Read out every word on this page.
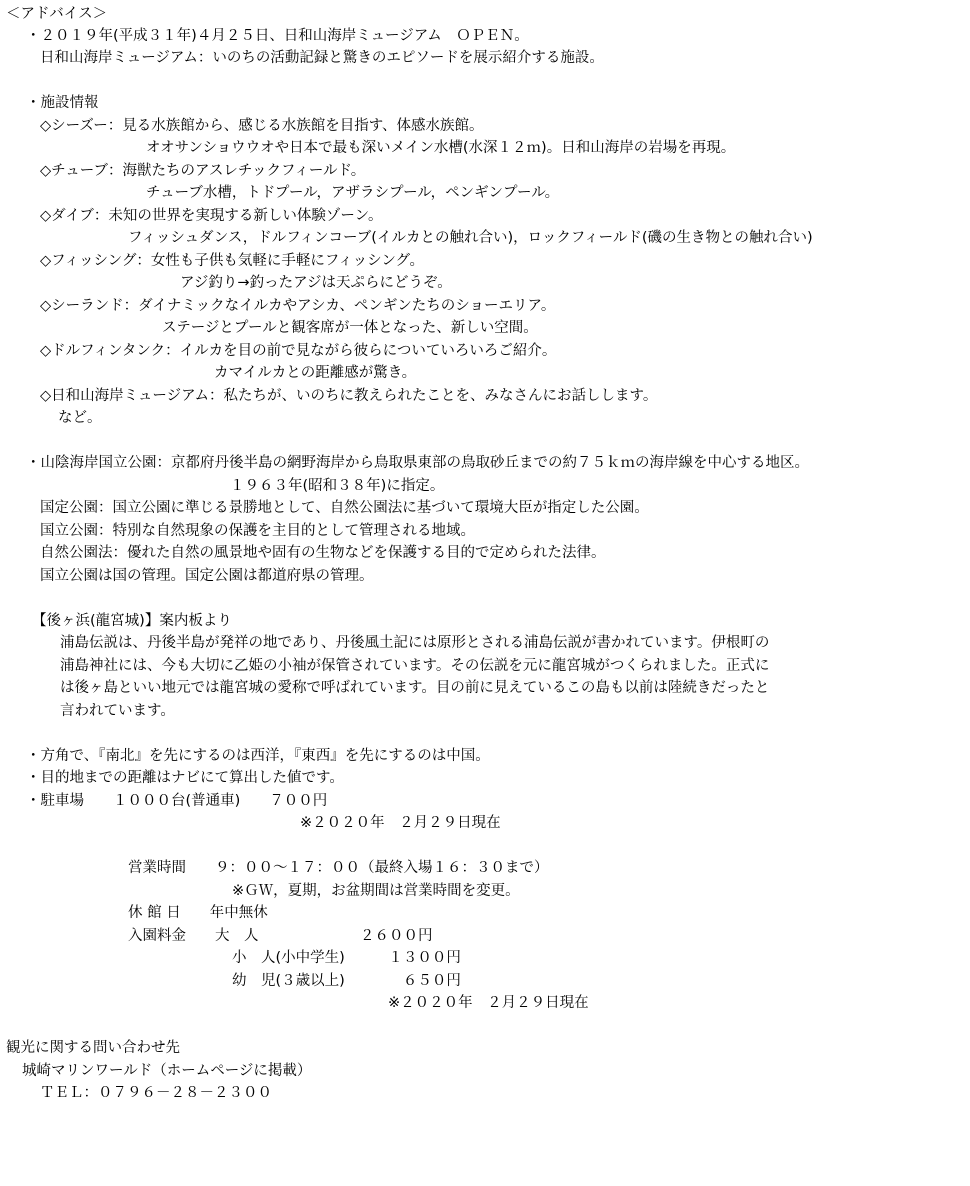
＜アドバイス＞
・２０１９年(平成３１年)４月２５日、日和山海岸ミュージアム　ＯＰＥＮ。
日和山海岸ミュージアム：いのちの活動記録と驚きのエピソードを展示紹介する施設。
・施設情報
◇シーズー：見る水族館から、感じる水族館を目指す、体感水族館。
オオサンショウウオや日本で最も深いメイン水槽(水深１２ｍ)。日和山海岸の岩場を再現。
◇チューブ：海獣たちのアスレチックフィールド。
チューブ水槽，トドプール，アザラシプール，ペンギンプール。
◇ダイブ：未知の世界を実現する新しい体験ゾーン。
フィッシュダンス，ドルフィンコーブ(イルカとの触れ合い)，ロックフィールド(磯の生き物との触れ合い)
◇フィッシング：女性も子供も気軽に手軽にフィッシング。
アジ釣り→釣ったアジは天ぷらにどうぞ。
◇シーランド：ダイナミックなイルカやアシカ、ペンギンたちのショーエリア。
ステージとプールと観客席が一体となった、新しい空間。
◇ドルフィンタンク：イルカを目の前で見ながら彼らについていろいろご紹介。
カマイルカとの距離感が驚き。
◇日和山海岸ミュージアム：私たちが、いのちに教えられたことを、みなさんにお話しします。
など。
・山陰海岸国立公園：京都府丹後半島の網野海岸から鳥取県東部の鳥取砂丘までの約７５ｋｍの海岸線を中心する地区。
１９６３年(昭和３８年)に指定。
国定公園：国立公園に準じる景勝地として、自然公園法に基づいて環境大臣が指定した公園。
国立公園：特別な自然現象の保護を主目的として管理される地域。
自然公園法：優れた自然の風景地や固有の生物などを保護する目的で定められた法律。
国立公園は国の管理。国定公園は都道府県の管理。
【後ヶ浜(龍宮城)】案内板より
浦島伝説は、丹後半島が発祥の地であり、丹後風土記には原形とされる浦島伝説が書かれています。伊根町の
浦島神社には、今も大切に乙姫の小袖が保管されています。その伝説を元に龍宮城がつくられました。正式に
は後ヶ島といい地元では龍宮城の愛称で呼ばれています。目の前に見えているこの島も以前は陸続きだったと
言われています。
・方角で、『南北』を先にするのは西洋，『東西』を先にするのは中国。
・目的地までの距離はナビにて算出した値です。
・駐車場　　１０００台(普通車)　　７００円
※２０２０年　２月２９日現在
営業時間　　９：００～１７：００（最終入場１６：３０まで）
※ＧＷ，夏期，お盆期間は営業時間を変更。
休 館 日　　年中無休
入園料金　　大　人　　　　　　　２６００円
小　人(小中学生)　　　１３００円
幼　児(３歳以上)　　　　６５０円
※２０２０年　２月２９日現在
観光に関する問い合わせ先
城崎マリンワールド（ホームページに掲載）
ＴＥＬ：０７９６－２８－２３００
